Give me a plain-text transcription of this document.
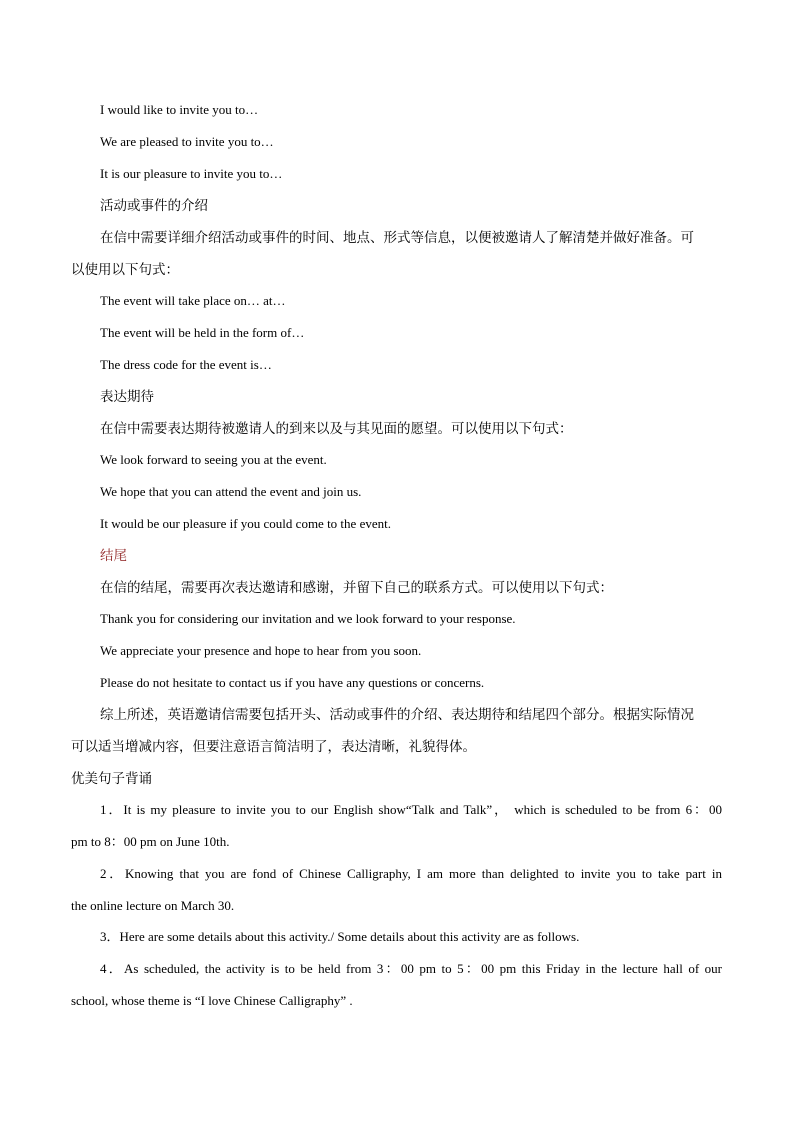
I would like to invite you to…
We are pleased to invite you to…
It is our pleasure to invite you to…
活动或事件的介绍
在信中需要详细介绍活动或事件的时间、地点、形式等信息，以便被邀请人了解清楚并做好准备。可
以使用以下句式：
The event will take place on… at…
The event will be held in the form of…
The dress code for the event is…
表达期待
在信中需要表达期待被邀请人的到来以及与其见面的愿望。可以使用以下句式：
We look forward to seeing you at the event.
We hope that you can attend the event and join us.
It would be our pleasure if you could come to the event.
结尾
在信的结尾，需要再次表达邀请和感谢，并留下自己的联系方式。可以使用以下句式：
Thank you for considering our invitation and we look forward to your response.
We appreciate your presence and hope to hear from you soon.
Please do not hesitate to contact us if you have any questions or concerns.
综上所述，英语邀请信需要包括开头、活动或事件的介绍、表达期待和结尾四个部分。根据实际情况
可以适当增减内容，但要注意语言简洁明了，表达清晰，礼貌得体。
优美句子背诵
1．It is my pleasure to invite you to our English show“Talk and Talk”， which is scheduled to be from 6：00
pm to 8：00 pm on June 10th.
2．Knowing that you are fond of Chinese Calligraphy, I am more than delighted to invite you to take part in
the online lecture on March 30.
3．Here are some details about this activity./ Some details about this activity are as follows.
4．As scheduled, the activity is to be held from 3：00 pm to 5：00 pm this Friday in the lecture hall of our
school, whose theme is “I love Chinese Calligraphy” .
